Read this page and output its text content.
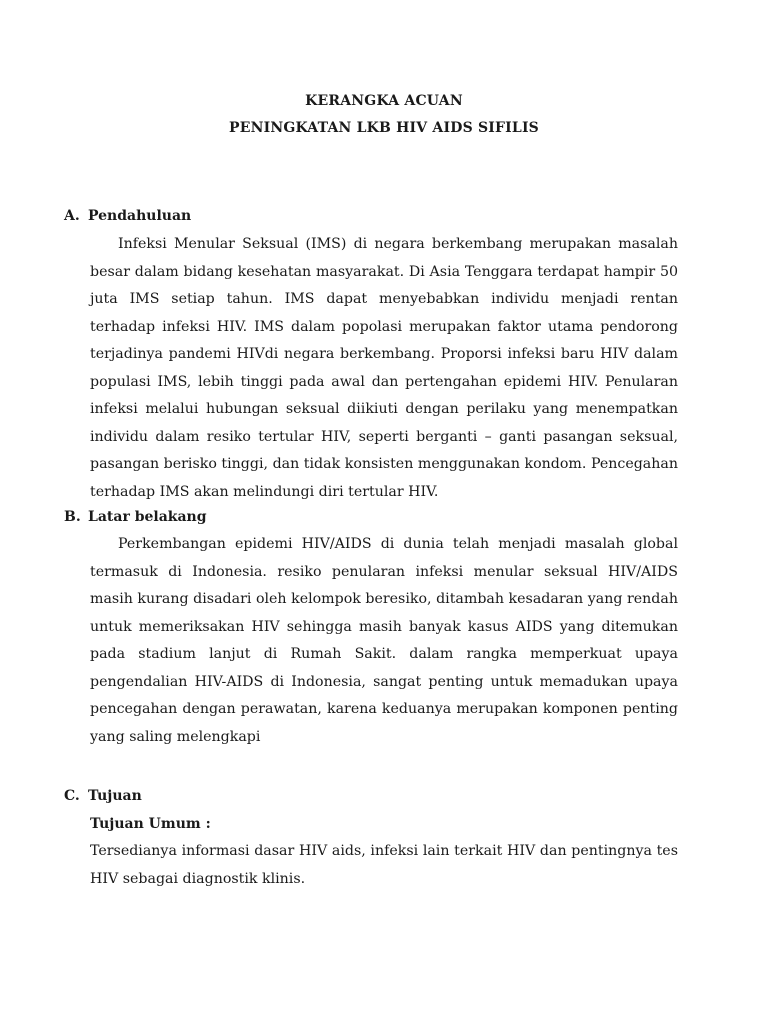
KERANGKA ACUAN
PENINGKATAN LKB HIV AIDS SIFILIS
A. Pendahuluan

Infeksi Menular Seksual (IMS) di negara berkembang merupakan masalah besar dalam bidang kesehatan masyarakat. Di Asia Tenggara terdapat hampir 50 juta IMS setiap tahun. IMS dapat menyebabkan individu menjadi rentan terhadap infeksi HIV. IMS dalam popolasi merupakan faktor utama pendorong terjadinya pandemi HIVdi negara berkembang. Proporsi infeksi baru HIV dalam populasi IMS, lebih tinggi pada awal dan pertengahan epidemi HIV. Penularan infeksi melalui hubungan seksual diikiuti dengan perilaku yang menempatkan individu dalam resiko tertular HIV, seperti berganti – ganti pasangan seksual, pasangan berisko tinggi, dan tidak konsisten menggunakan kondom. Pencegahan terhadap IMS akan melindungi diri tertular HIV.

B. Latar belakang

Perkembangan epidemi HIV/AIDS di dunia telah menjadi masalah global termasuk di Indonesia. resiko penularan infeksi menular seksual HIV/AIDS masih kurang disadari oleh kelompok beresiko, ditambah kesadaran yang rendah untuk memeriksakan HIV sehingga masih banyak kasus AIDS yang ditemukan pada stadium lanjut di Rumah Sakit. dalam rangka memperkuat upaya pengendalian HIV-AIDS di Indonesia, sangat penting untuk memadukan upaya pencegahan dengan perawatan, karena keduanya merupakan komponen penting yang saling melengkapi

C. Tujuan
Tujuan Umum :

Tersedianya informasi dasar HIV aids, infeksi lain terkait HIV dan pentingnya tes HIV sebagai diagnostik klinis.
